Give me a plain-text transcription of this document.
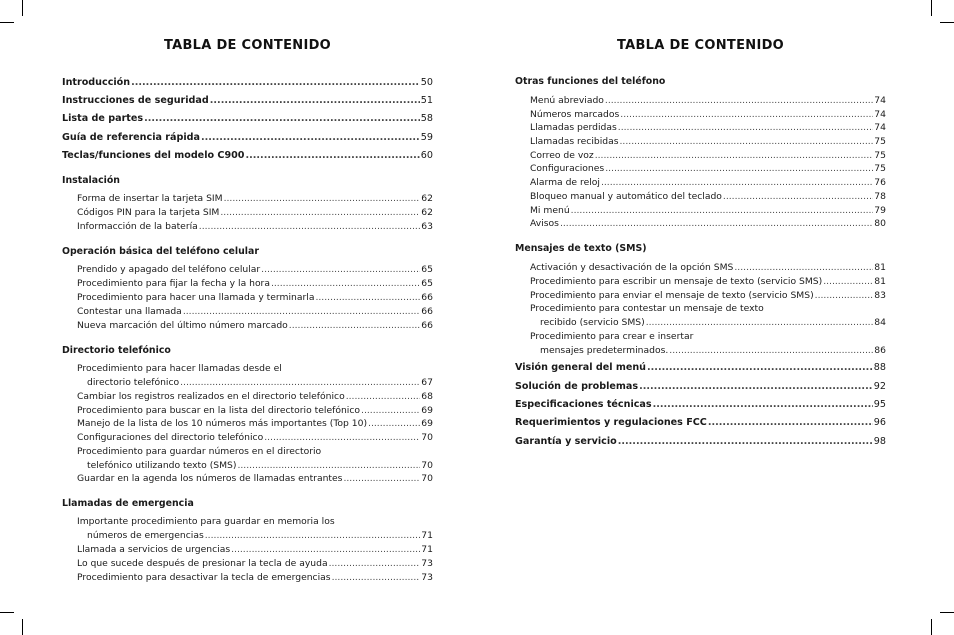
TABLA DE CONTENIDO
Introducción .....	50
Instrucciones de seguridad .....	51
Lista de partes .....	58
Guía de referencia rápida .....	59
Teclas/funciones del modelo C900 .....	60
Instalación
Forma de insertar la tarjeta SIM .....	62
Códigos PIN para la tarjeta SIM .....	62
Informacción de la batería .....	63
Operación básica del teléfono celular
Prendido y apagado del teléfono celular .....	65
Procedimiento para fijar la fecha y la hora .....	65
Procedimiento para hacer una llamada y terminarla .....	66
Contestar una llamada .....	66
Nueva marcación del último número marcado .....	66
Directorio telefónico
Procedimiento para hacer llamadas desde el
directorio telefónico .....	67
Cambiar los registros realizados en el directorio telefónico .....	68
Procedimiento para buscar en la lista del directorio telefónico .....	69
Manejo de la lista de los 10 números más importantes (Top 10) .....	69
Configuraciones del directorio telefónico .....	70
Procedimiento para guardar números en el directorio
telefónico utilizando texto (SMS) .....	70
Guardar en la agenda los números de llamadas entrantes .....	70
Llamadas de emergencia
Importante procedimiento para guardar en memoria los
números de emergencias .....	71
Llamada a servicios de urgencias .....	71
Lo que sucede después de presionar la tecla de ayuda .....	73
Procedimiento para desactivar la tecla de emergencias .....	73
TABLA DE CONTENIDO
Otras funciones del teléfono
Menú abreviado .....	74
Números marcados .....	74
Llamadas perdidas .....	74
Llamadas recibidas .....	75
Correo de voz .....	75
Configuraciones .....	75
Alarma de reloj .....	76
Bloqueo manual y automático del teclado .....	78
Mi menú .....	79
Avisos .....	80
Mensajes de texto (SMS)
Activación y desactivación de la opción SMS .....	81
Procedimiento para escribir un mensaje de texto (servicio SMS) .....	81
Procedimiento para enviar el mensaje de texto (servicio SMS) .....	83
Procedimiento para contestar un mensaje de texto
recibido (servicio SMS) .....	84
Procedimiento para crear e insertar
mensajes predeterminados. .....	86
Visión general del menú .....	88
Solución de problemas .....	92
Especificaciones técnicas .....	95
Requerimientos y regulaciones FCC .....	96
Garantía y servicio .....	98
